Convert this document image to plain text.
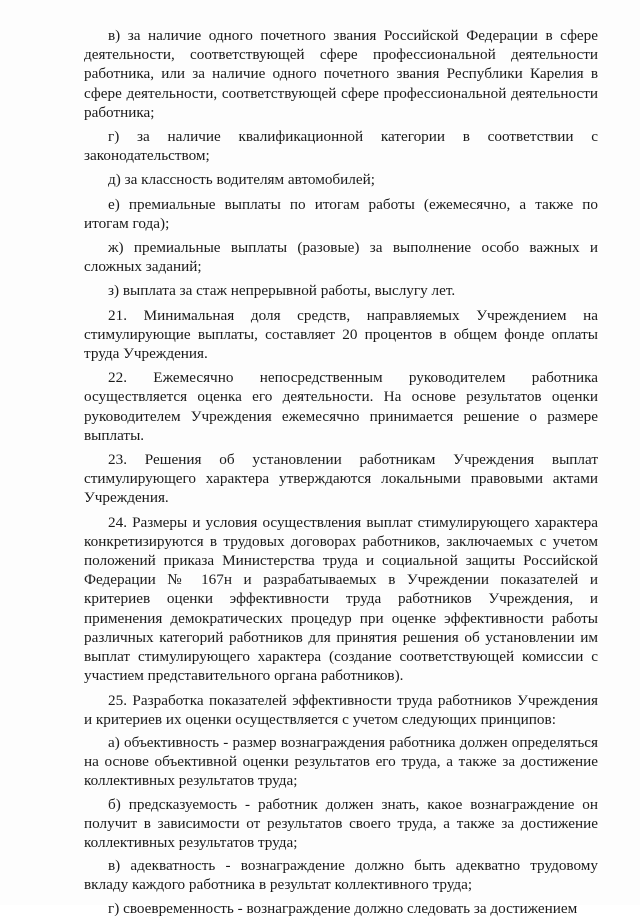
в) за наличие одного почетного звания Российской Федерации в сфере деятельности, соответствующей сфере профессиональной деятельности работника, или за наличие одного почетного звания Республики Карелия в сфере деятельности, соответствующей сфере профессиональной деятельности работника;

г) за наличие квалификационной категории в соответствии с законодательством;

д) за классность водителям автомобилей;

е) премиальные выплаты по итогам работы (ежемесячно, а также по итогам года);

ж) премиальные выплаты (разовые) за выполнение особо важных и сложных заданий;

з) выплата за стаж непрерывной работы, выслугу лет.

21. Минимальная доля средств, направляемых Учреждением на стимулирующие выплаты, составляет 20 процентов в общем фонде оплаты труда Учреждения.

22. Ежемесячно непосредственным руководителем работника осуществляется оценка его деятельности. На основе результатов оценки руководителем Учреждения ежемесячно принимается решение о размере выплаты.

23. Решения об установлении работникам Учреждения выплат стимулирующего характера утверждаются локальными правовыми актами Учреждения.

24. Размеры и условия осуществления выплат стимулирующего характера конкретизируются в трудовых договорах работников, заключаемых с учетом положений приказа Министерства труда и социальной защиты Российской Федерации № 167н и разрабатываемых в Учреждении показателей и критериев оценки эффективности труда работников Учреждения, и применения демократических процедур при оценке эффективности работы различных категорий работников для принятия решения об установлении им выплат стимулирующего характера (создание соответствующей комиссии с участием представительного органа работников).

25. Разработка показателей эффективности труда работников Учреждения и критериев их оценки осуществляется с учетом следующих принципов:

а) объективность - размер вознаграждения работника должен определяться на основе объективной оценки результатов его труда, а также за достижение коллективных результатов труда;

б) предсказуемость - работник должен знать, какое вознаграждение он получит в зависимости от результатов своего труда, а также за достижение коллективных результатов труда;

в) адекватность - вознаграждение должно быть адекватно трудовому вкладу каждого работника в результат коллективного труда;

г) своевременность - вознаграждение должно следовать за достижением
